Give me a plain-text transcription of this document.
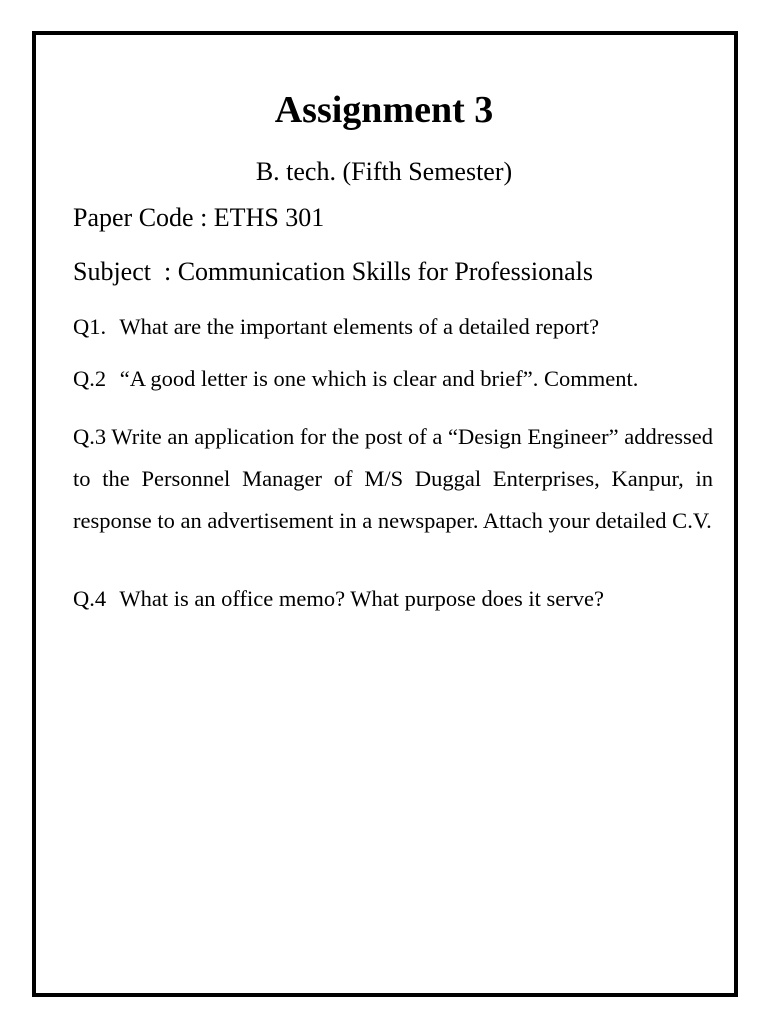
Assignment 3
B. tech. (Fifth Semester)
Paper Code : ETHS 301
Subject  : Communication Skills for Professionals
Q1. What are the important elements of a detailed report?
Q.2 “A good letter is one which is clear and brief”. Comment.
Q.3 Write an application for the post of a “Design Engineer” addressed to the Personnel Manager of M/S Duggal Enterprises, Kanpur, in response to an advertisement in a newspaper. Attach your detailed C.V.
Q.4 What is an office memo? What purpose does it serve?
